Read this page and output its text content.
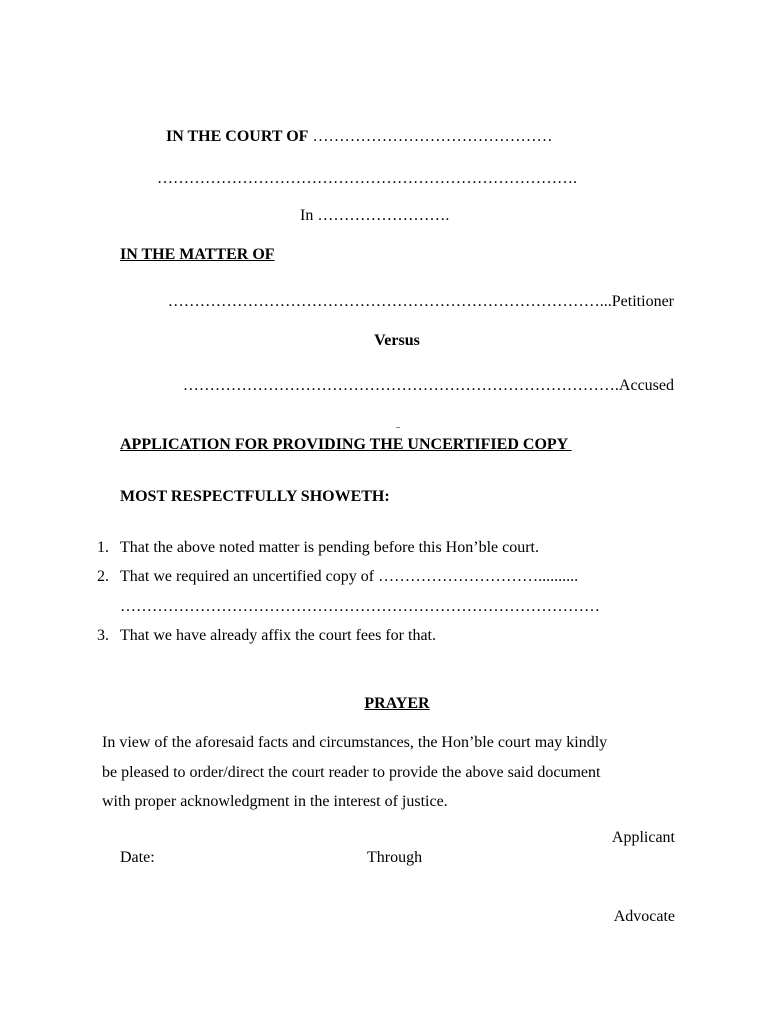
IN THE COURT OF ………………………………………
…………………………………………………………………….
In …………………….
IN THE MATTER OF
………………………………………………………………………...Petitioner
Versus
……………………………………………………………………….Accused
APPLICATION FOR PROVIDING THE UNCERTIFIED COPY
MOST RESPECTFULLY SHOWETH:
1. That the above noted matter is pending before this Hon’ble court.
2. That we required an uncertified copy of …………………………..........
………………………………………………………………………………
3. That we have already affix the court fees for that.
PRAYER
In view of the aforesaid facts and circumstances, the Hon’ble court may kindly
be pleased to order/direct the court reader to provide the above said document
with proper acknowledgment in the interest of justice.
Applicant
Date:	Through
Advocate
